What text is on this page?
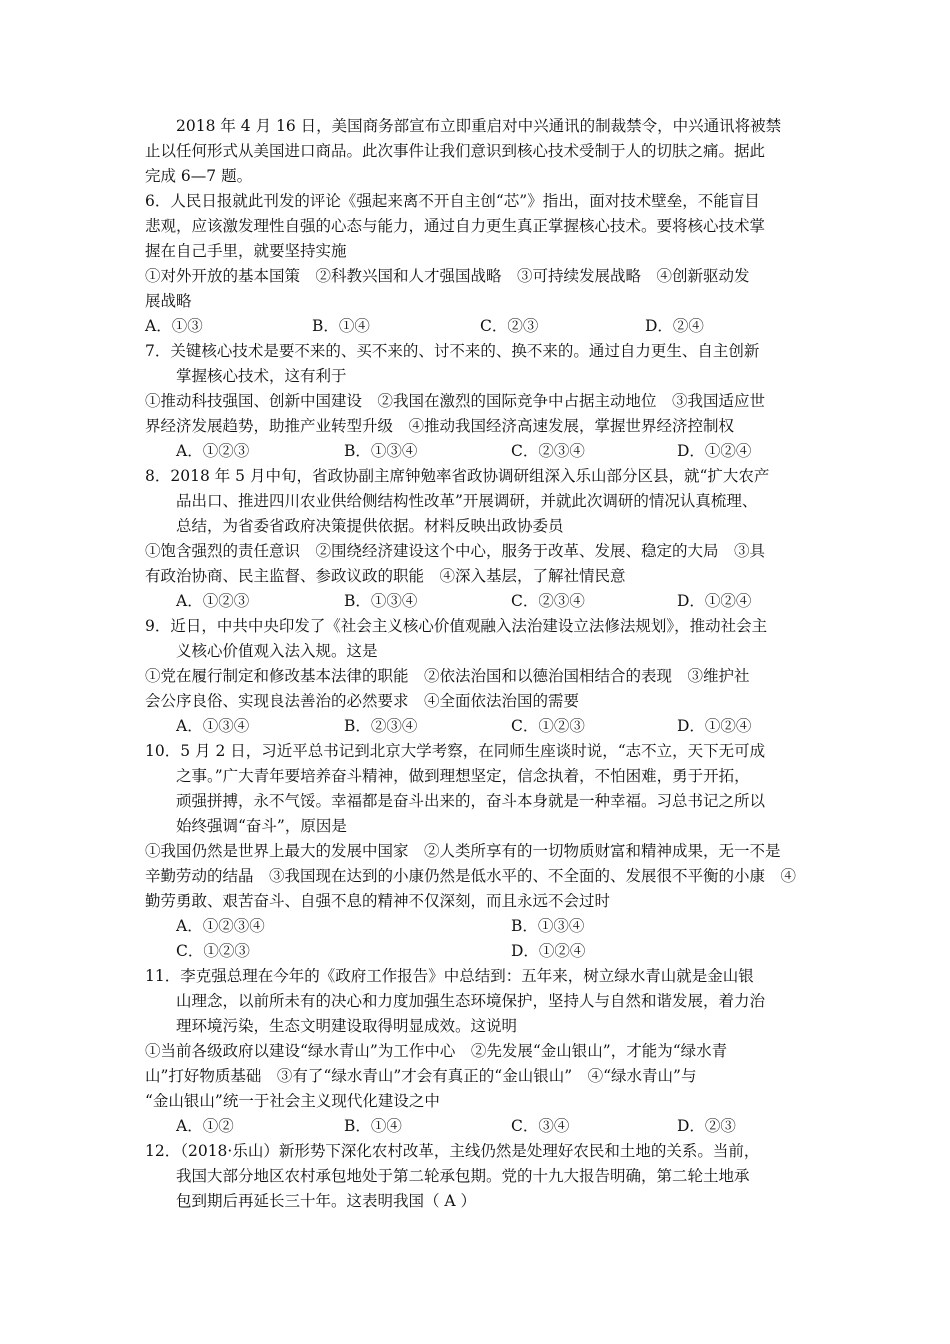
2018 年 4 月 16 日，美国商务部宣布立即重启对中兴通讯的制裁禁令，中兴通讯将被禁
止以任何形式从美国进口商品。此次事件让我们意识到核心技术受制于人的切肤之痛。据此
完成 6—7 题。
6．人民日报就此刊发的评论《强起来离不开自主创“芯”》指出，面对技术壁垒，不能盲目
悲观，应该激发理性自强的心态与能力，通过自力更生真正掌握核心技术。要将核心技术掌
握在自己手里，就要坚持实施
①对外开放的基本国策　②科教兴国和人才强国战略　③可持续发展战略　④创新驱动发
展战略
A．①③	B．①④	C．②③	D．②④
7．关键核心技术是要不来的、买不来的、讨不来的、换不来的。通过自力更生、自主创新
掌握核心技术，这有利于
①推动科技强国、创新中国建设　②我国在激烈的国际竞争中占据主动地位　③我国适应世
界经济发展趋势，助推产业转型升级　④推动我国经济高速发展，掌握世界经济控制权
A．①②③	B．①③④	C．②③④	D．①②④
8．2018 年 5 月中旬，省政协副主席钟勉率省政协调研组深入乐山部分区县，就“扩大农产
品出口、推进四川农业供给侧结构性改革”开展调研，并就此次调研的情况认真梳理、
总结，为省委省政府决策提供依据。材料反映出政协委员
①饱含强烈的责任意识　②围绕经济建设这个中心，服务于改革、发展、稳定的大局　③具
有政治协商、民主监督、参政议政的职能　④深入基层，了解社情民意
A．①②③	B．①③④	C．②③④	D．①②④
9．近日，中共中央印发了《社会主义核心价值观融入法治建设立法修法规划》，推动社会主
义核心价值观入法入规。这是
①党在履行制定和修改基本法律的职能　②依法治国和以德治国相结合的表现　③维护社
会公序良俗、实现良法善治的必然要求　④全面依法治国的需要
A．①③④	B．②③④	C．①②③	D．①②④
10．5 月 2 日，习近平总书记到北京大学考察，在同师生座谈时说，“志不立，天下无可成
之事。”广大青年要培养奋斗精神，做到理想坚定，信念执着，不怕困难，勇于开拓，
顽强拼搏，永不气馁。幸福都是奋斗出来的，奋斗本身就是一种幸福。习总书记之所以
始终强调“奋斗”，原因是
①我国仍然是世界上最大的发展中国家　②人类所享有的一切物质财富和精神成果，无一不是
辛勤劳动的结晶　③我国现在达到的小康仍然是低水平的、不全面的、发展很不平衡的小康　④
勤劳勇敢、艰苦奋斗、自强不息的精神不仅深刻，而且永远不会过时
A．①②③④	B．①③④
C．①②③	D．①②④
11．李克强总理在今年的《政府工作报告》中总结到：五年来，树立绿水青山就是金山银
山理念，以前所未有的决心和力度加强生态环境保护，坚持人与自然和谐发展，着力治
理环境污染，生态文明建设取得明显成效。这说明
①当前各级政府以建设“绿水青山”为工作中心　②先发展“金山银山”，才能为“绿水青
山”打好物质基础　③有了“绿水青山”才会有真正的“金山银山”　④“绿水青山”与
“金山银山”统一于社会主义现代化建设之中
A．①②	B．①④	C．③④	D．②③
12．（2018·乐山）新形势下深化农村改革，主线仍然是处理好农民和土地的关系。当前，
我国大部分地区农村承包地处于第二轮承包期。党的十九大报告明确，第二轮土地承
包到期后再延长三十年。这表明我国（ A ）
